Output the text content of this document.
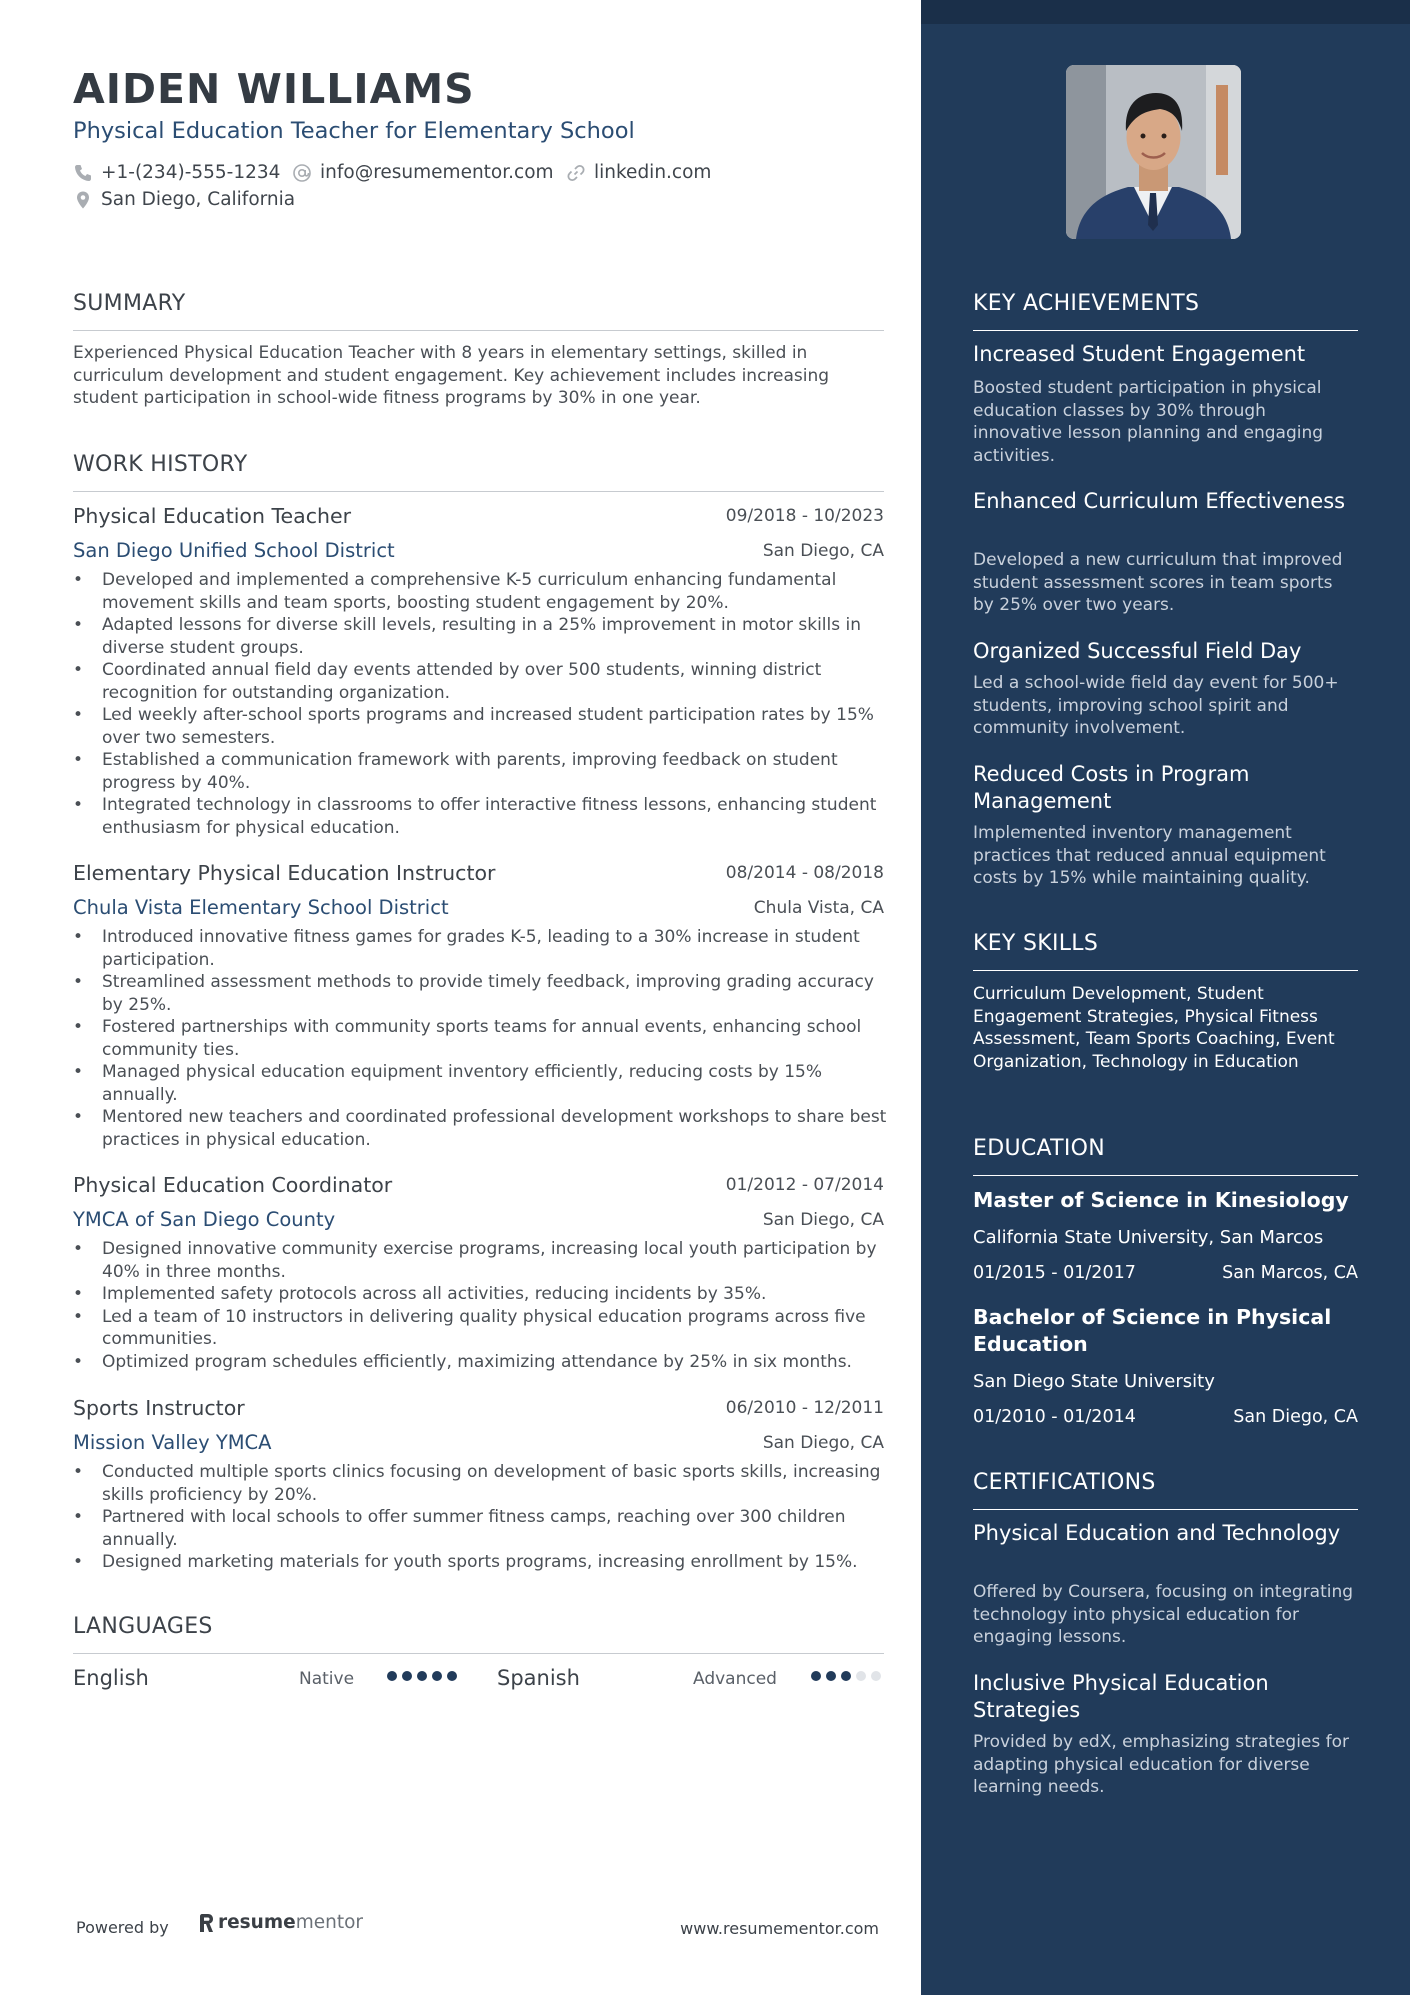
AIDEN WILLIAMS
Physical Education Teacher for Elementary School
+1-(234)-555-1234 info@resumementor.com linkedin.com
San Diego, California
SUMMARY
Experienced Physical Education Teacher with 8 years in elementary settings, skilled in curriculum development and student engagement. Key achievement includes increasing student participation in school-wide fitness programs by 30% in one year.
WORK HISTORY
Physical Education Teacher	09/2018 - 10/2023
San Diego Unified School District	San Diego, CA
• Developed and implemented a comprehensive K-5 curriculum enhancing fundamental movement skills and team sports, boosting student engagement by 20%.
• Adapted lessons for diverse skill levels, resulting in a 25% improvement in motor skills in diverse student groups.
• Coordinated annual field day events attended by over 500 students, winning district recognition for outstanding organization.
• Led weekly after-school sports programs and increased student participation rates by 15% over two semesters.
• Established a communication framework with parents, improving feedback on student progress by 40%.
• Integrated technology in classrooms to offer interactive fitness lessons, enhancing student enthusiasm for physical education.
Elementary Physical Education Instructor	08/2014 - 08/2018
Chula Vista Elementary School District	Chula Vista, CA
• Introduced innovative fitness games for grades K-5, leading to a 30% increase in student participation.
• Streamlined assessment methods to provide timely feedback, improving grading accuracy by 25%.
• Fostered partnerships with community sports teams for annual events, enhancing school community ties.
• Managed physical education equipment inventory efficiently, reducing costs by 15% annually.
• Mentored new teachers and coordinated professional development workshops to share best practices in physical education.
Physical Education Coordinator	01/2012 - 07/2014
YMCA of San Diego County	San Diego, CA
• Designed innovative community exercise programs, increasing local youth participation by 40% in three months.
• Implemented safety protocols across all activities, reducing incidents by 35%.
• Led a team of 10 instructors in delivering quality physical education programs across five communities.
• Optimized program schedules efficiently, maximizing attendance by 25% in six months.
Sports Instructor	06/2010 - 12/2011
Mission Valley YMCA	San Diego, CA
• Conducted multiple sports clinics focusing on development of basic sports skills, increasing skills proficiency by 20%.
• Partnered with local schools to offer summer fitness camps, reaching over 300 children annually.
• Designed marketing materials for youth sports programs, increasing enrollment by 15%.
LANGUAGES
English	Native	Spanish	Advanced
Powered by	resume mentor	www.resumementor.com
KEY ACHIEVEMENTS
Increased Student Engagement
Boosted student participation in physical education classes by 30% through innovative lesson planning and engaging activities.
Enhanced Curriculum Effectiveness
Developed a new curriculum that improved student assessment scores in team sports by 25% over two years.
Organized Successful Field Day
Led a school-wide field day event for 500+ students, improving school spirit and community involvement.
Reduced Costs in Program Management
Implemented inventory management practices that reduced annual equipment costs by 15% while maintaining quality.
KEY SKILLS
Curriculum Development, Student Engagement Strategies, Physical Fitness Assessment, Team Sports Coaching, Event Organization, Technology in Education
EDUCATION
Master of Science in Kinesiology
California State University, San Marcos
01/2015 - 01/2017	San Marcos, CA
Bachelor of Science in Physical Education
San Diego State University
01/2010 - 01/2014	San Diego, CA
CERTIFICATIONS
Physical Education and Technology
Offered by Coursera, focusing on integrating technology into physical education for engaging lessons.
Inclusive Physical Education Strategies
Provided by edX, emphasizing strategies for adapting physical education for diverse learning needs.
